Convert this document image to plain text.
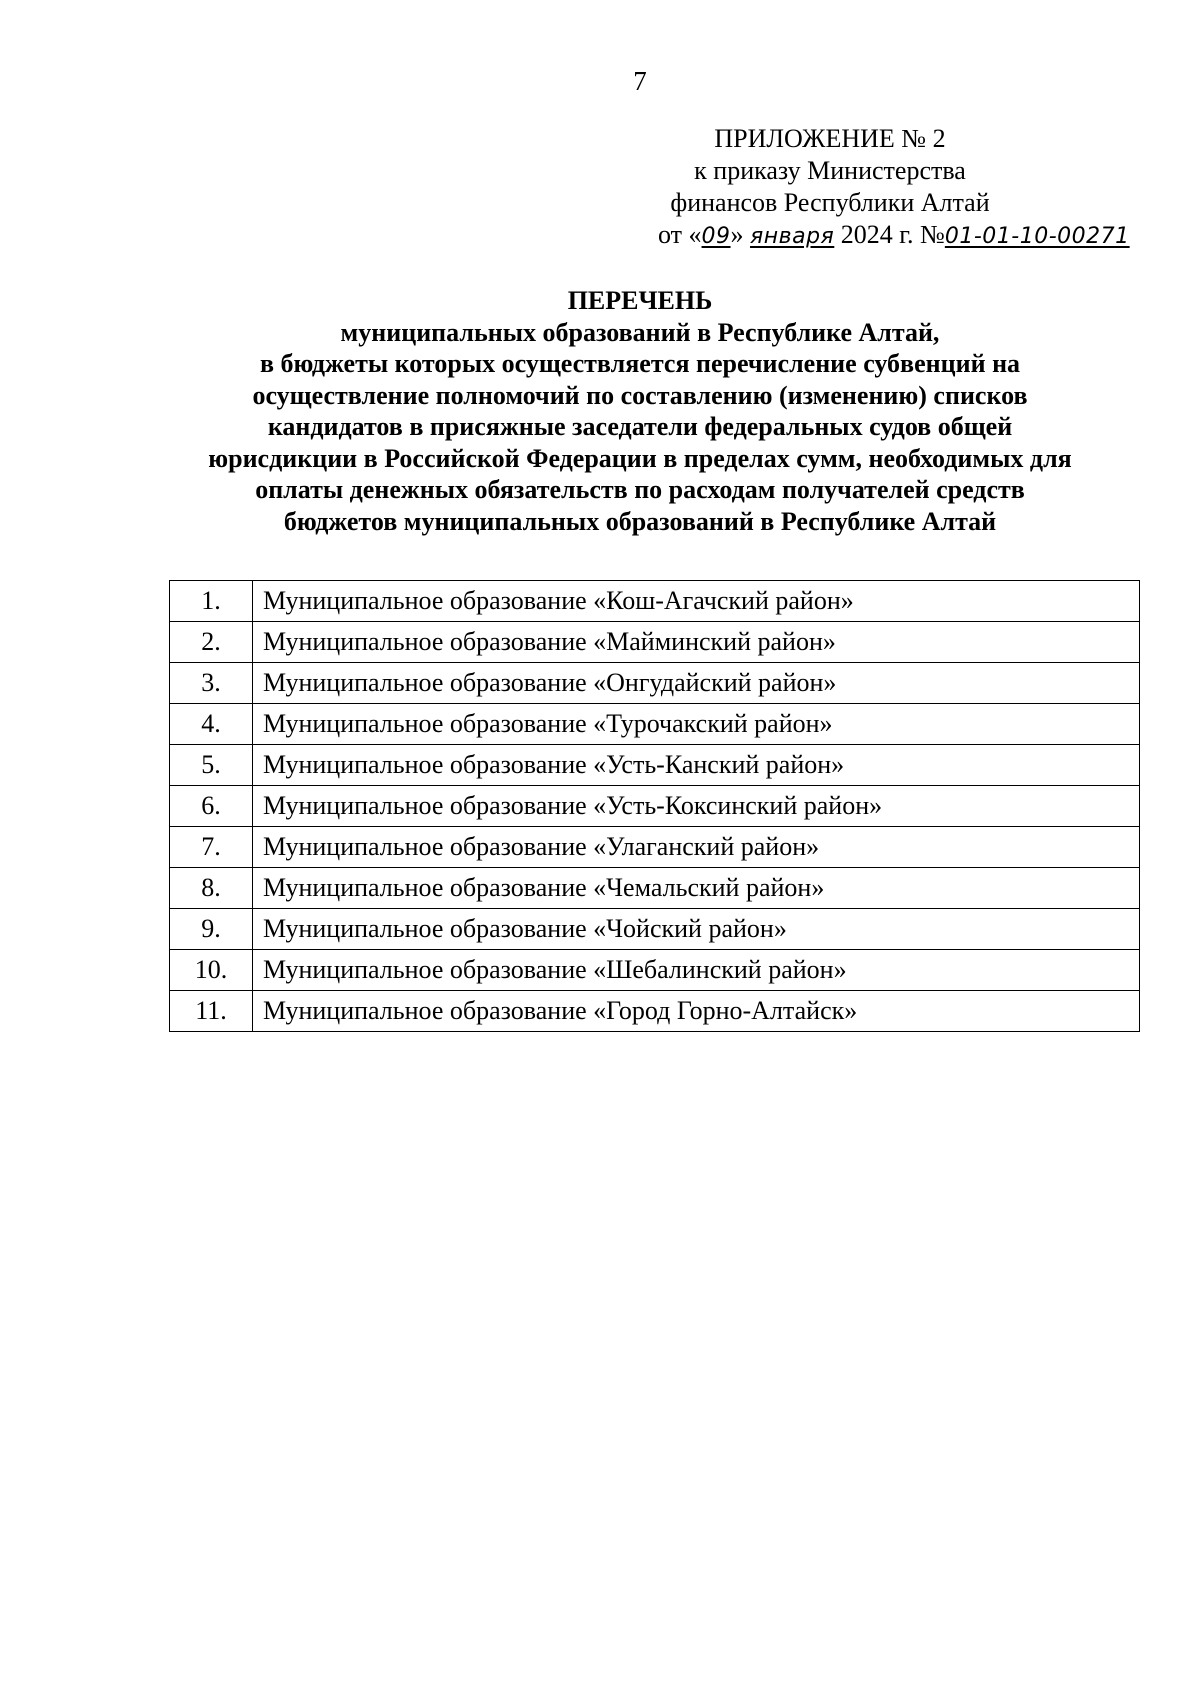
7
ПРИЛОЖЕНИЕ № 2
к приказу Министерства
финансов Республики Алтай
от «09» января 2024 г. №01-01-10-00271
ПЕРЕЧЕНЬ
муниципальных образований в Республике Алтай,
в бюджеты которых осуществляется перечисление субвенций на
осуществление полномочий по составлению (изменению) списков
кандидатов в присяжные заседатели федеральных судов общей
юрисдикции в Российской Федерации в пределах сумм, необходимых для
оплаты денежных обязательств по расходам получателей средств
бюджетов муниципальных образований в Республике Алтай
1.	Муниципальное образование «Кош-Агачский район»
2.	Муниципальное образование «Майминский район»
3.	Муниципальное образование «Онгудайский район»
4.	Муниципальное образование «Турочакский район»
5.	Муниципальное образование «Усть-Канский район»
6.	Муниципальное образование «Усть-Коксинский район»
7.	Муниципальное образование «Улаганский район»
8.	Муниципальное образование «Чемальский район»
9.	Муниципальное образование «Чойский район»
10.	Муниципальное образование «Шебалинский район»
11.	Муниципальное образование «Город Горно-Алтайск»
